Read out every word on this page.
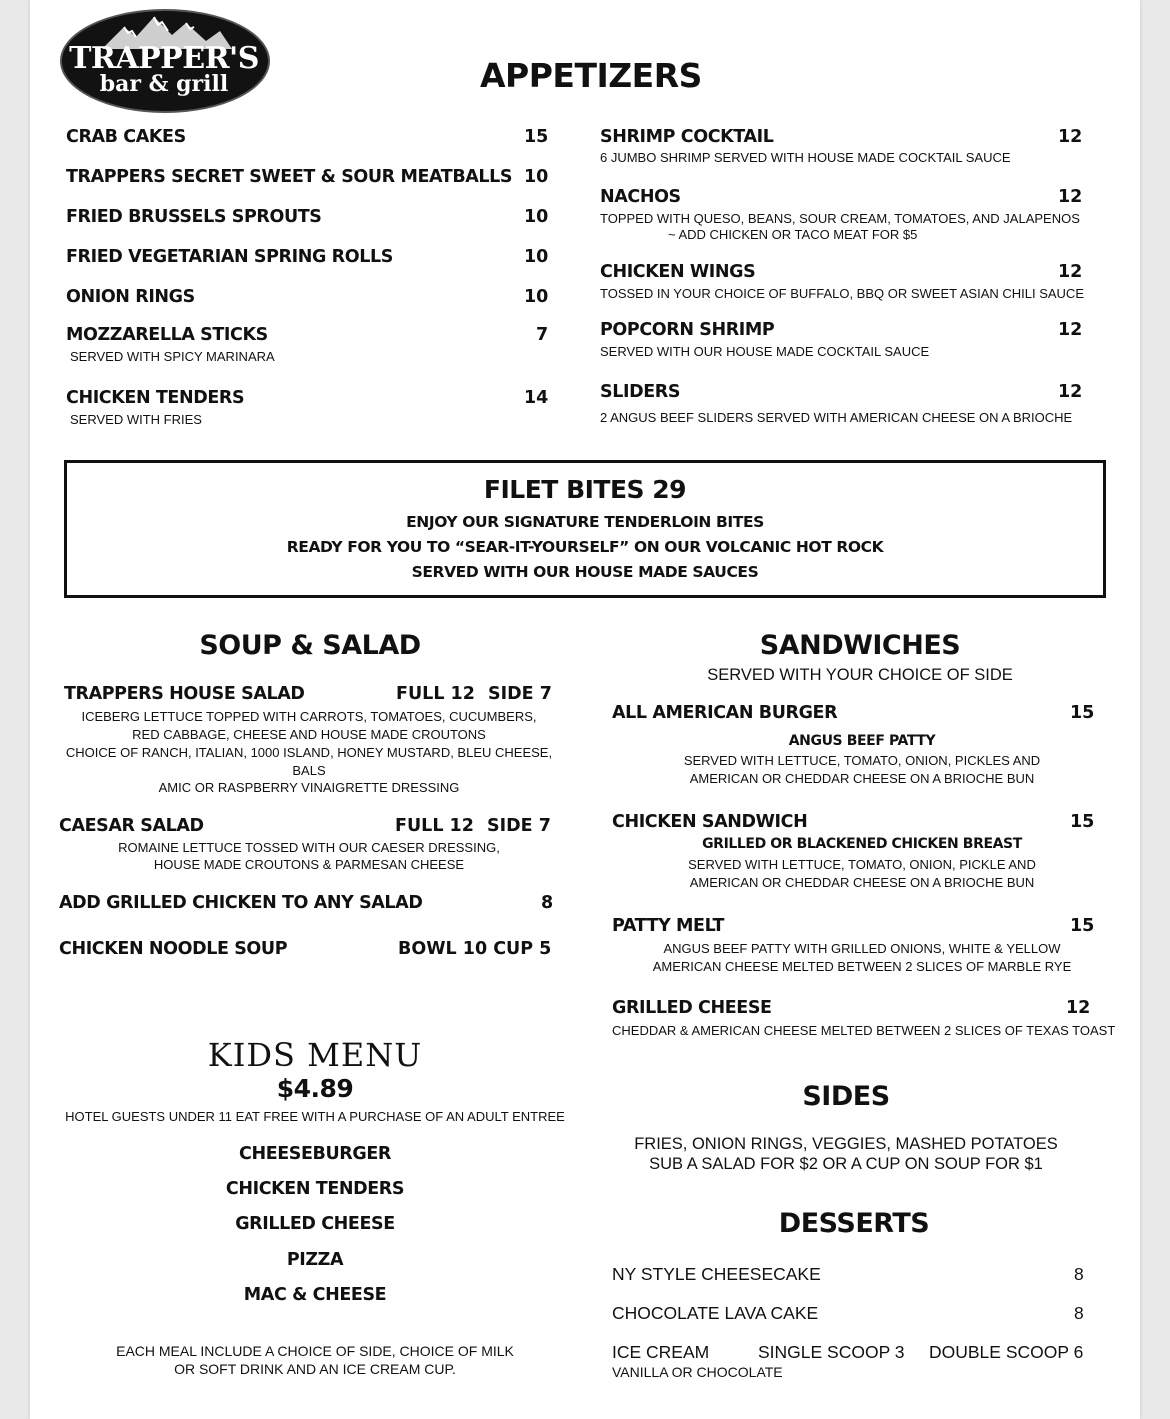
TRAPPER'S
bar & grill	APPETIZERS
CRAB CAKES	15
TRAPPERS SECRET SWEET & SOUR MEATBALLS 10
FRIED BRUSSELS SPROUTS	10
FRIED VEGETARIAN SPRING ROLLS	10
ONION RINGS	10
MOZZARELLA STICKS	7
SERVED WITH SPICY MARINARA
CHICKEN TENDERS	14
SERVED WITH FRIES
SHRIMP COCKTAIL	12
6 JUMBO SHRIMP SERVED WITH HOUSE MADE COCKTAIL SAUCE
NACHOS	12
TOPPED WITH QUESO, BEANS, SOUR CREAM, TOMATOES, AND JALAPENOS
~ ADD CHICKEN OR TACO MEAT FOR $5
CHICKEN WINGS	12
TOSSED IN YOUR CHOICE OF BUFFALO, BBQ OR SWEET ASIAN CHILI SAUCE
POPCORN SHRIMP	12
SERVED WITH OUR HOUSE MADE COCKTAIL SAUCE
SLIDERS	12
2 ANGUS BEEF SLIDERS SERVED WITH AMERICAN CHEESE ON A BRIOCHE
FILET BITES 29
ENJOY OUR SIGNATURE TENDERLOIN BITES
READY FOR YOU TO “SEAR-IT-YOURSELF” ON OUR VOLCANIC HOT ROCK
SERVED WITH OUR HOUSE MADE SAUCES
SOUP & SALAD
TRAPPERS HOUSE SALAD	FULL 12 SIDE 7
ICEBERG LETTUCE TOPPED WITH CARROTS, TOMATOES, CUCUMBERS,
RED CABBAGE, CHEESE AND HOUSE MADE CROUTONS
CHOICE OF RANCH, ITALIAN, 1000 ISLAND, HONEY MUSTARD, BLEU CHEESE,
BALS
AMIC OR RASPBERRY VINAIGRETTE DRESSING
CAESAR SALAD	FULL 12 SIDE 7
ROMAINE LETTUCE TOSSED WITH OUR CAESER DRESSING,
HOUSE MADE CROUTONS & PARMESAN CHEESE
ADD GRILLED CHICKEN TO ANY SALAD	8
CHICKEN NOODLE SOUP	BOWL 10 CUP 5
SANDWICHES
SERVED WITH YOUR CHOICE OF SIDE
ALL AMERICAN BURGER	15
ANGUS BEEF PATTY
SERVED WITH LETTUCE, TOMATO, ONION, PICKLES AND
AMERICAN OR CHEDDAR CHEESE ON A BRIOCHE BUN
CHICKEN SANDWICH	15
GRILLED OR BLACKENED CHICKEN BREAST
SERVED WITH LETTUCE, TOMATO, ONION, PICKLE AND
AMERICAN OR CHEDDAR CHEESE ON A BRIOCHE BUN
PATTY MELT	15
ANGUS BEEF PATTY WITH GRILLED ONIONS, WHITE & YELLOW
AMERICAN CHEESE MELTED BETWEEN 2 SLICES OF MARBLE RYE
GRILLED CHEESE	12
CHEDDAR & AMERICAN CHEESE MELTED BETWEEN 2 SLICES OF TEXAS TOAST
KIDS MENU
$4.89
HOTEL GUESTS UNDER 11 EAT FREE WITH A PURCHASE OF AN ADULT ENTREE
CHEESEBURGER
CHICKEN TENDERS
GRILLED CHEESE
PIZZA
MAC & CHEESE
EACH MEAL INCLUDE A CHOICE OF SIDE, CHOICE OF MILK
OR SOFT DRINK AND AN ICE CREAM CUP.
SIDES
FRIES, ONION RINGS, VEGGIES, MASHED POTATOES
SUB A SALAD FOR $2 OR A CUP ON SOUP FOR $1
DESSERTS
NY STYLE CHEESECAKE	8
CHOCOLATE LAVA CAKE	8
ICE CREAM	SINGLE SCOOP 3 DOUBLE SCOOP 6
VANILLA OR CHOCOLATE
